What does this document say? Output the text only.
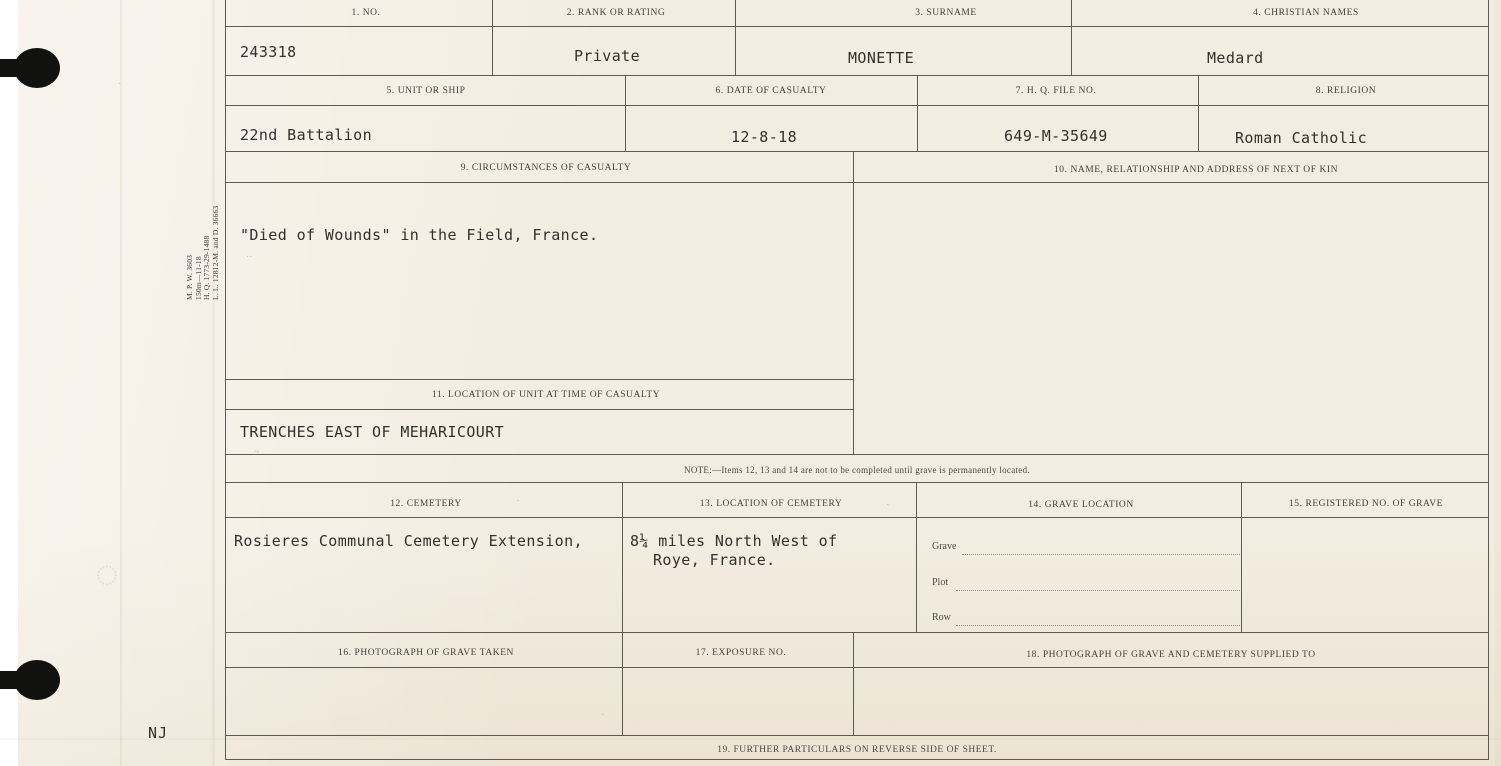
◌
·
M. P. W. 3603
150m—11-18
H. Q. 1773-29-1488
L. L. 12812-M. and D. 36663
NJ
1. NO.	2. RANK OR RATING	3. SURNAME	4. CHRISTIAN NAMES
243318	Private	MONETTE	Medard
5. UNIT OR SHIP	6. DATE OF CASUALTY	7. H. Q. FILE NO.	8. RELIGION
22nd Battalion	12-8-18	649-M-35649	Roman Catholic
9. CIRCUMSTANCES OF CASUALTY	10. NAME, RELATIONSHIP AND ADDRESS OF NEXT OF KIN
"Died of Wounds" in the Field, France.
11. LOCATION OF UNIT AT TIME OF CASUALTY
TRENCHES EAST OF MEHARICOURT
··
~
NOTE:—Items 12, 13 and 14 are not to be completed until grave is permanently located.
12. CEMETERY	13. LOCATION OF CEMETERY	14. GRAVE LOCATION	15. REGISTERED NO. OF GRAVE
Rosieres Communal Cemetery Extension,	8¼ miles North West of
Roye, France.
Grave
Plot
Row
·	·
16. PHOTOGRAPH OF GRAVE TAKEN	17. EXPOSURE NO.	18. PHOTOGRAPH OF GRAVE AND CEMETERY SUPPLIED TO
·
19. FURTHER PARTICULARS ON REVERSE SIDE OF SHEET.
